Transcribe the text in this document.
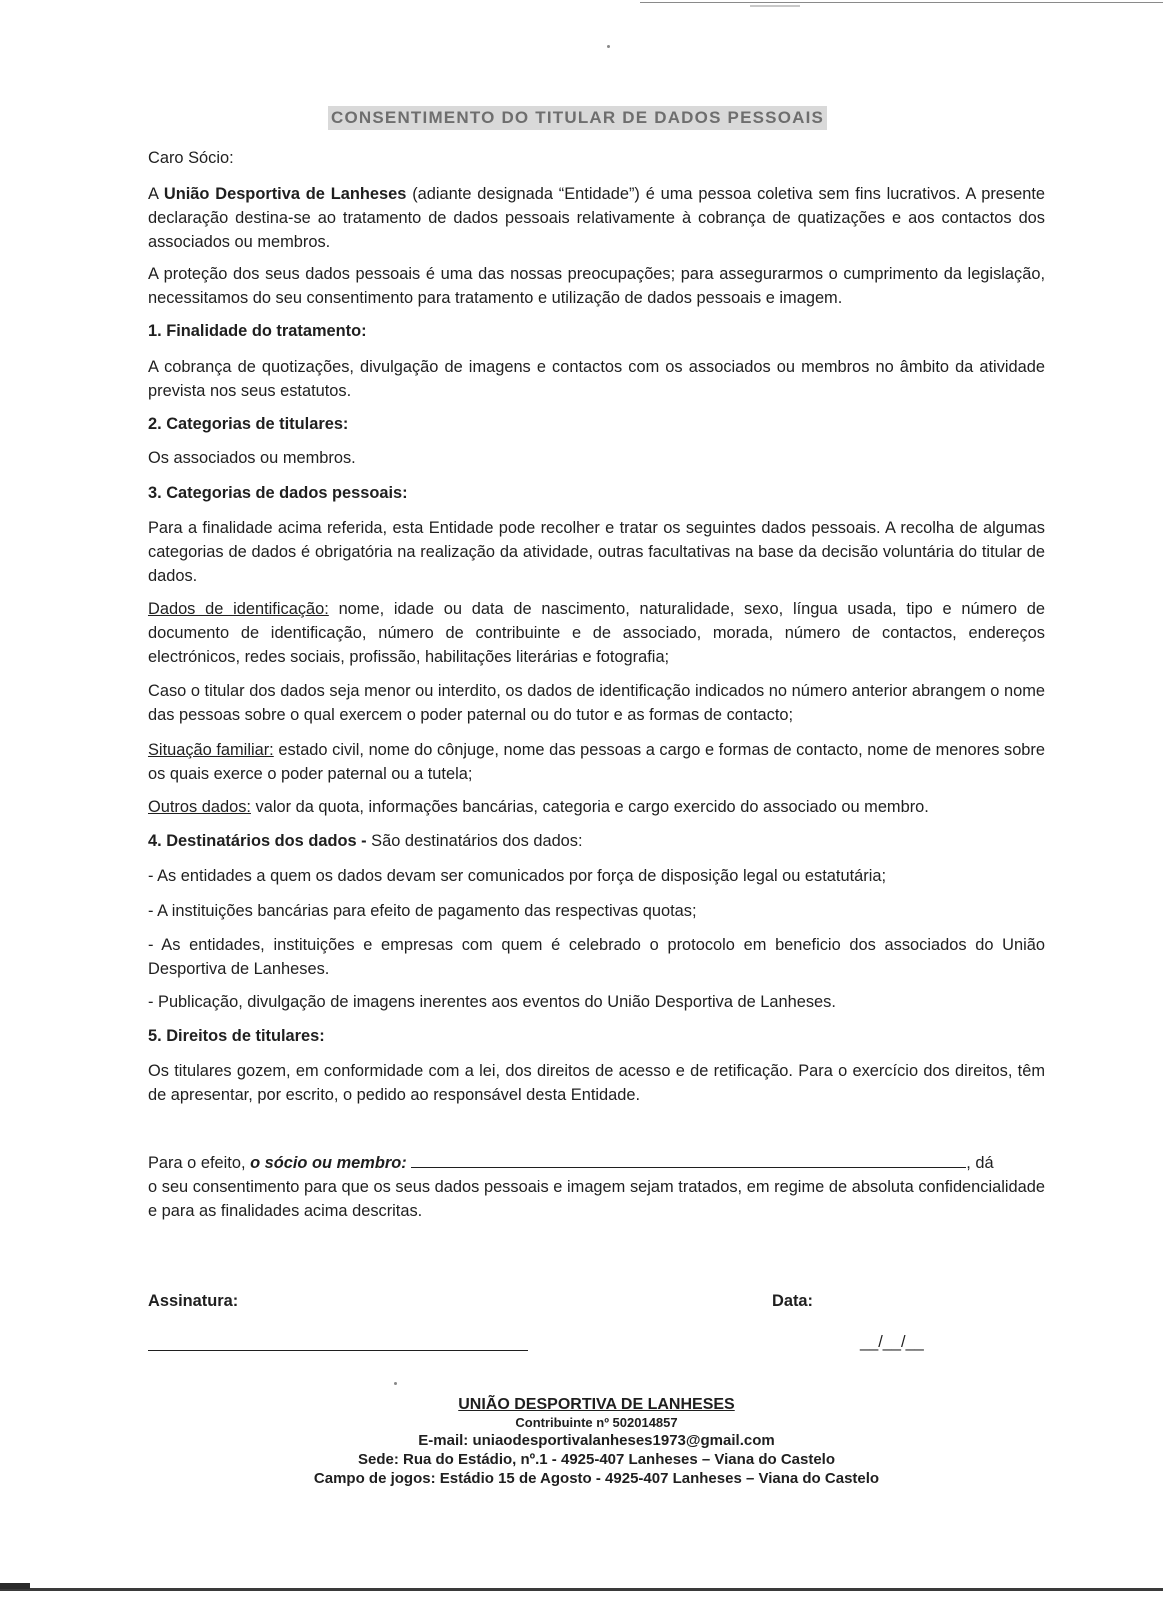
CONSENTIMENTO DO TITULAR DE DADOS PESSOAIS
Caro Sócio:
A União Desportiva de Lanheses (adiante designada “Entidade”) é uma pessoa coletiva sem fins lucrativos. A presente declaração destina-se ao tratamento de dados pessoais relativamente à cobrança de quatizações e aos contactos dos associados ou membros.
A proteção dos seus dados pessoais é uma das nossas preocupações; para assegurarmos o cumprimento da legislação, necessitamos do seu consentimento para tratamento e utilização de dados pessoais e imagem.
1. Finalidade do tratamento:
A cobrança de quotizações, divulgação de imagens e contactos com os associados ou membros no âmbito da atividade prevista nos seus estatutos.
2. Categorias de titulares:
Os associados ou membros.
3. Categorias de dados pessoais:
Para a finalidade acima referida, esta Entidade pode recolher e tratar os seguintes dados pessoais. A recolha de algumas categorias de dados é obrigatória na realização da atividade, outras facultativas na base da decisão voluntária do titular de dados.
Dados de identificação: nome, idade ou data de nascimento, naturalidade, sexo, língua usada, tipo e número de documento de identificação, número de contribuinte e de associado, morada, número de contactos, endereços electrónicos, redes sociais, profissão, habilitações literárias e fotografia;
Caso o titular dos dados seja menor ou interdito, os dados de identificação indicados no número anterior abrangem o nome das pessoas sobre o qual exercem o poder paternal ou do tutor e as formas de contacto;
Situação familiar: estado civil, nome do cônjuge, nome das pessoas a cargo e formas de contacto, nome de menores sobre os quais exerce o poder paternal ou a tutela;
Outros dados: valor da quota, informações bancárias, categoria e cargo exercido do associado ou membro.
4. Destinatários dos dados - São destinatários dos dados:
- As entidades a quem os dados devam ser comunicados por força de disposição legal ou estatutária;
- A instituições bancárias para efeito de pagamento das respectivas quotas;
- As entidades, instituições e empresas com quem é celebrado o protocolo em beneficio dos associados do União Desportiva de Lanheses.
- Publicação, divulgação de imagens inerentes aos eventos do União Desportiva de Lanheses.
5. Direitos de titulares:
Os titulares gozem, em conformidade com a lei, dos direitos de acesso e de retificação. Para o exercício dos direitos, têm de apresentar, por escrito, o pedido ao responsável desta Entidade.
Para o efeito, o sócio ou membro:	, dá
o seu consentimento para que os seus dados pessoais e imagem sejam tratados, em regime de absoluta confidencialidade e para as finalidades acima descritas.
Assinatura:	Data:
__/__/__
UNIÃO DESPORTIVA DE LANHESES
Contribuinte nº 502014857
E-mail: uniaodesportivalanheses1973@gmail.com
Sede: Rua do Estádio, nº.1 - 4925-407 Lanheses – Viana do Castelo
Campo de jogos: Estádio 15 de Agosto - 4925-407 Lanheses – Viana do Castelo
